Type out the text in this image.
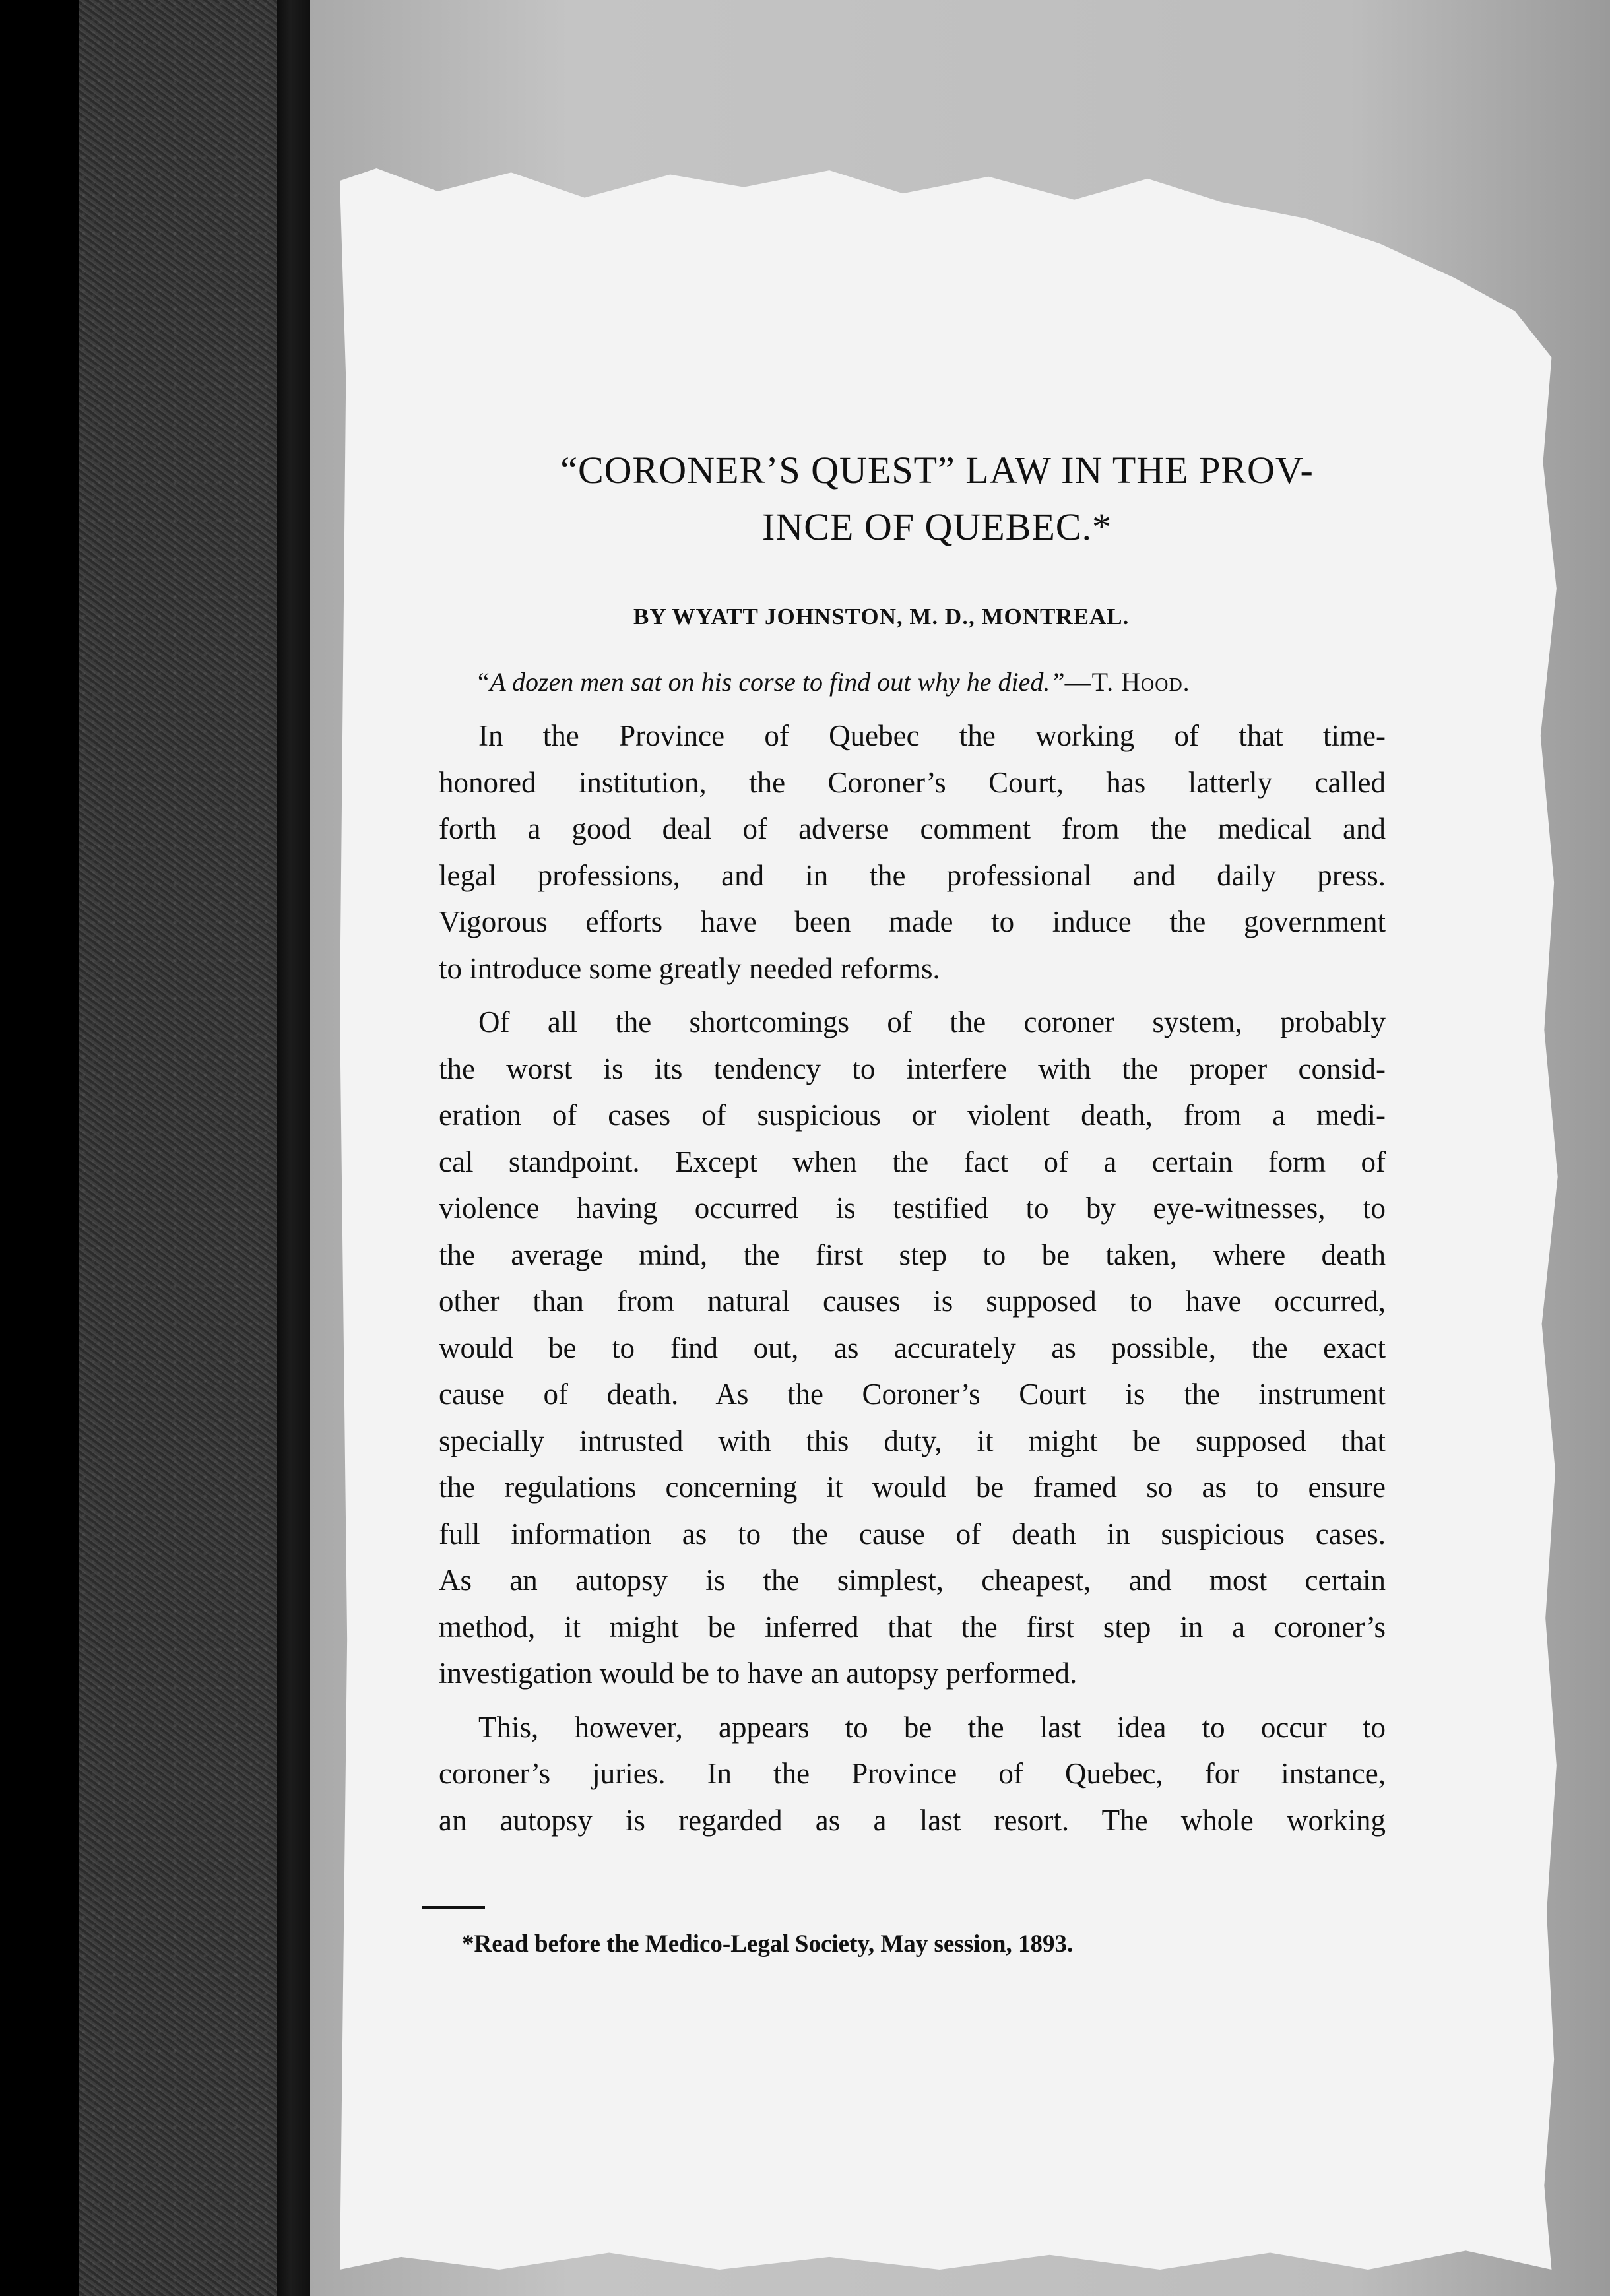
“CORONER’S QUEST” LAW IN THE PROV-
INCE OF QUEBEC.*
BY WYATT JOHNSTON, M. D., MONTREAL.
“A dozen men sat on his corse to find out why he died.”—T. Hood.

In the Province of Quebec the working of that time-
honored institution, the Coroner’s Court, has latterly called
forth a good deal of adverse comment from the medical and
legal professions, and in the professional and daily press.
Vigorous efforts have been made to induce the government
to introduce some greatly needed reforms.

Of all the shortcomings of the coroner system, probably
the worst is its tendency to interfere with the proper consid-
eration of cases of suspicious or violent death, from a medi-
cal standpoint. Except when the fact of a certain form of
violence having occurred is testified to by eye-witnesses, to
the average mind, the first step to be taken, where death
other than from natural causes is supposed to have occurred,
would be to find out, as accurately as possible, the exact
cause of death. As the Coroner’s Court is the instrument
specially intrusted with this duty, it might be supposed that
the regulations concerning it would be framed so as to ensure
full information as to the cause of death in suspicious cases.
As an autopsy is the simplest, cheapest, and most certain
method, it might be inferred that the first step in a coroner’s
investigation would be to have an autopsy performed.

This, however, appears to be the last idea to occur to
coroner’s juries. In the Province of Quebec, for instance,
an autopsy is regarded as a last resort. The whole working

*Read before the Medico-Legal Society, May session, 1893.
